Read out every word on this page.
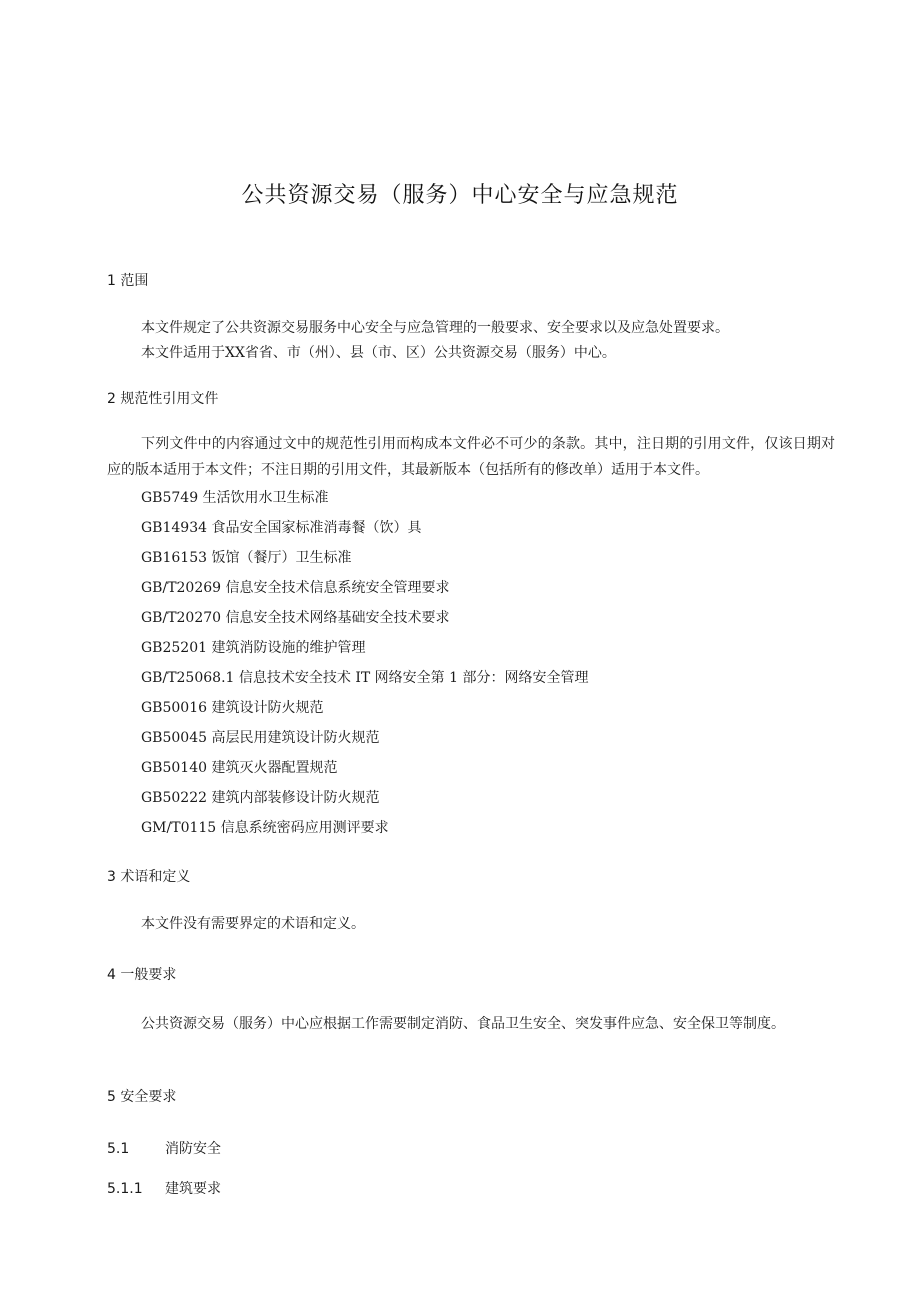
公共资源交易（服务）中心安全与应急规范
1 范围
本文件规定了公共资源交易服务中心安全与应急管理的一般要求、安全要求以及应急处置要求。
本文件适用于XX省省、市（州）、县（市、区）公共资源交易（服务）中心。
2 规范性引用文件
下列文件中的内容通过文中的规范性引用而构成本文件必不可少的条款。其中，注日期的引用文件，仅该日期对应的版本适用于本文件；不注日期的引用文件，其最新版本（包括所有的修改单）适用于本文件。
GB5749 生活饮用水卫生标准
GB14934 食品安全国家标准消毒餐（饮）具
GB16153 饭馆（餐厅）卫生标准
GB/T20269 信息安全技术信息系统安全管理要求
GB/T20270 信息安全技术网络基础安全技术要求
GB25201 建筑消防设施的维护管理
GB/T25068.1 信息技术安全技术 IT 网络安全第 1 部分：网络安全管理
GB50016 建筑设计防火规范
GB50045 高层民用建筑设计防火规范
GB50140 建筑灭火器配置规范
GB50222 建筑内部装修设计防火规范
GM/T0115 信息系统密码应用测评要求
3 术语和定义
本文件没有需要界定的术语和定义。
4 一般要求
公共资源交易（服务）中心应根据工作需要制定消防、食品卫生安全、突发事件应急、安全保卫等制度。
5 安全要求
5.1	消防安全
5.1.1 建筑要求
